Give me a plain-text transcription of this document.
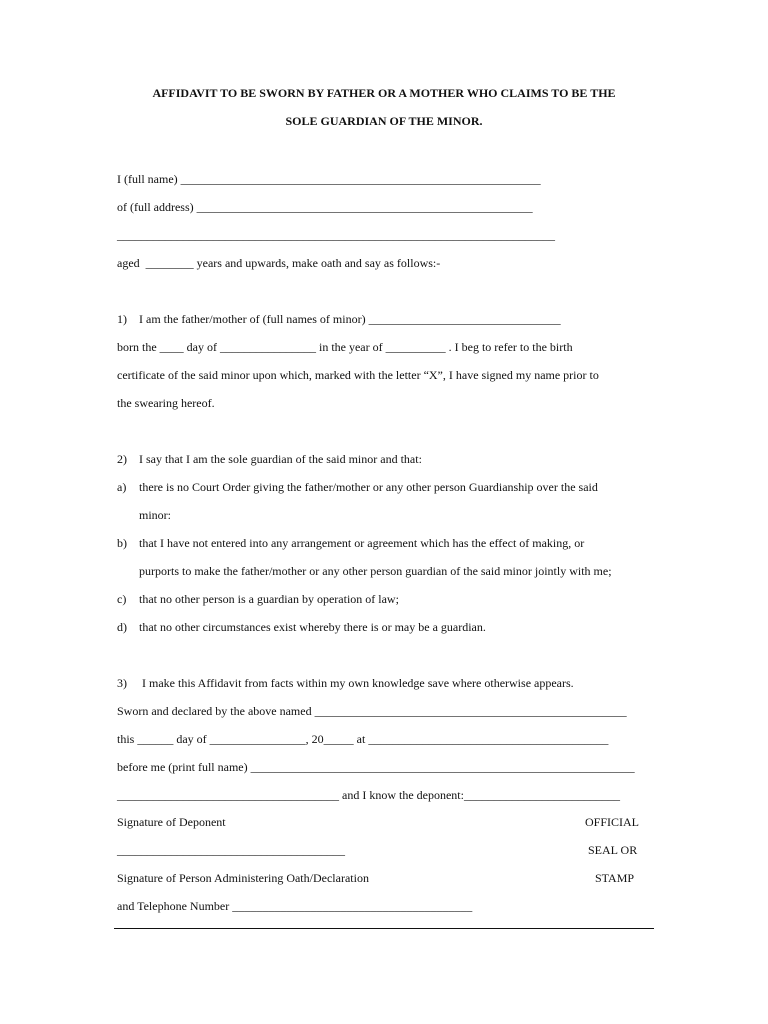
AFFIDAVIT TO BE SWORN BY FATHER OR A MOTHER WHO CLAIMS TO BE THE
SOLE GUARDIAN OF THE MINOR.
I (full name) ____________________________________________________________
of (full address) ________________________________________________________
_________________________________________________________________________
aged  ________ years and upwards, make oath and say as follows:-
1) I am the father/mother of (full names of minor) ________________________________
born the ____ day of ________________ in the year of __________ . I beg to refer to the birth
certificate of the said minor upon which, marked with the letter “X”, I have signed my name prior to
the swearing hereof.
2) I say that I am the sole guardian of the said minor and that:
a) there is no Court Order giving the father/mother or any other person Guardianship over the said
minor:
b) that I have not entered into any arrangement or agreement which has the effect of making, or
purports to make the father/mother or any other person guardian of the said minor jointly with me;
c) that no other person is a guardian by operation of law;
d) that no other circumstances exist whereby there is or may be a guardian.
3) I make this Affidavit from facts within my own knowledge save where otherwise appears.
Sworn and declared by the above named ____________________________________________________
this ______ day of ________________, 20_____ at ________________________________________
before me (print full name) ________________________________________________________________
_____________________________________ and I know the deponent:__________________________
Signature of Deponent
______________________________________
Signature of Person Administering Oath/Declaration
and Telephone Number ________________________________________
OFFICIAL
SEAL OR
STAMP
